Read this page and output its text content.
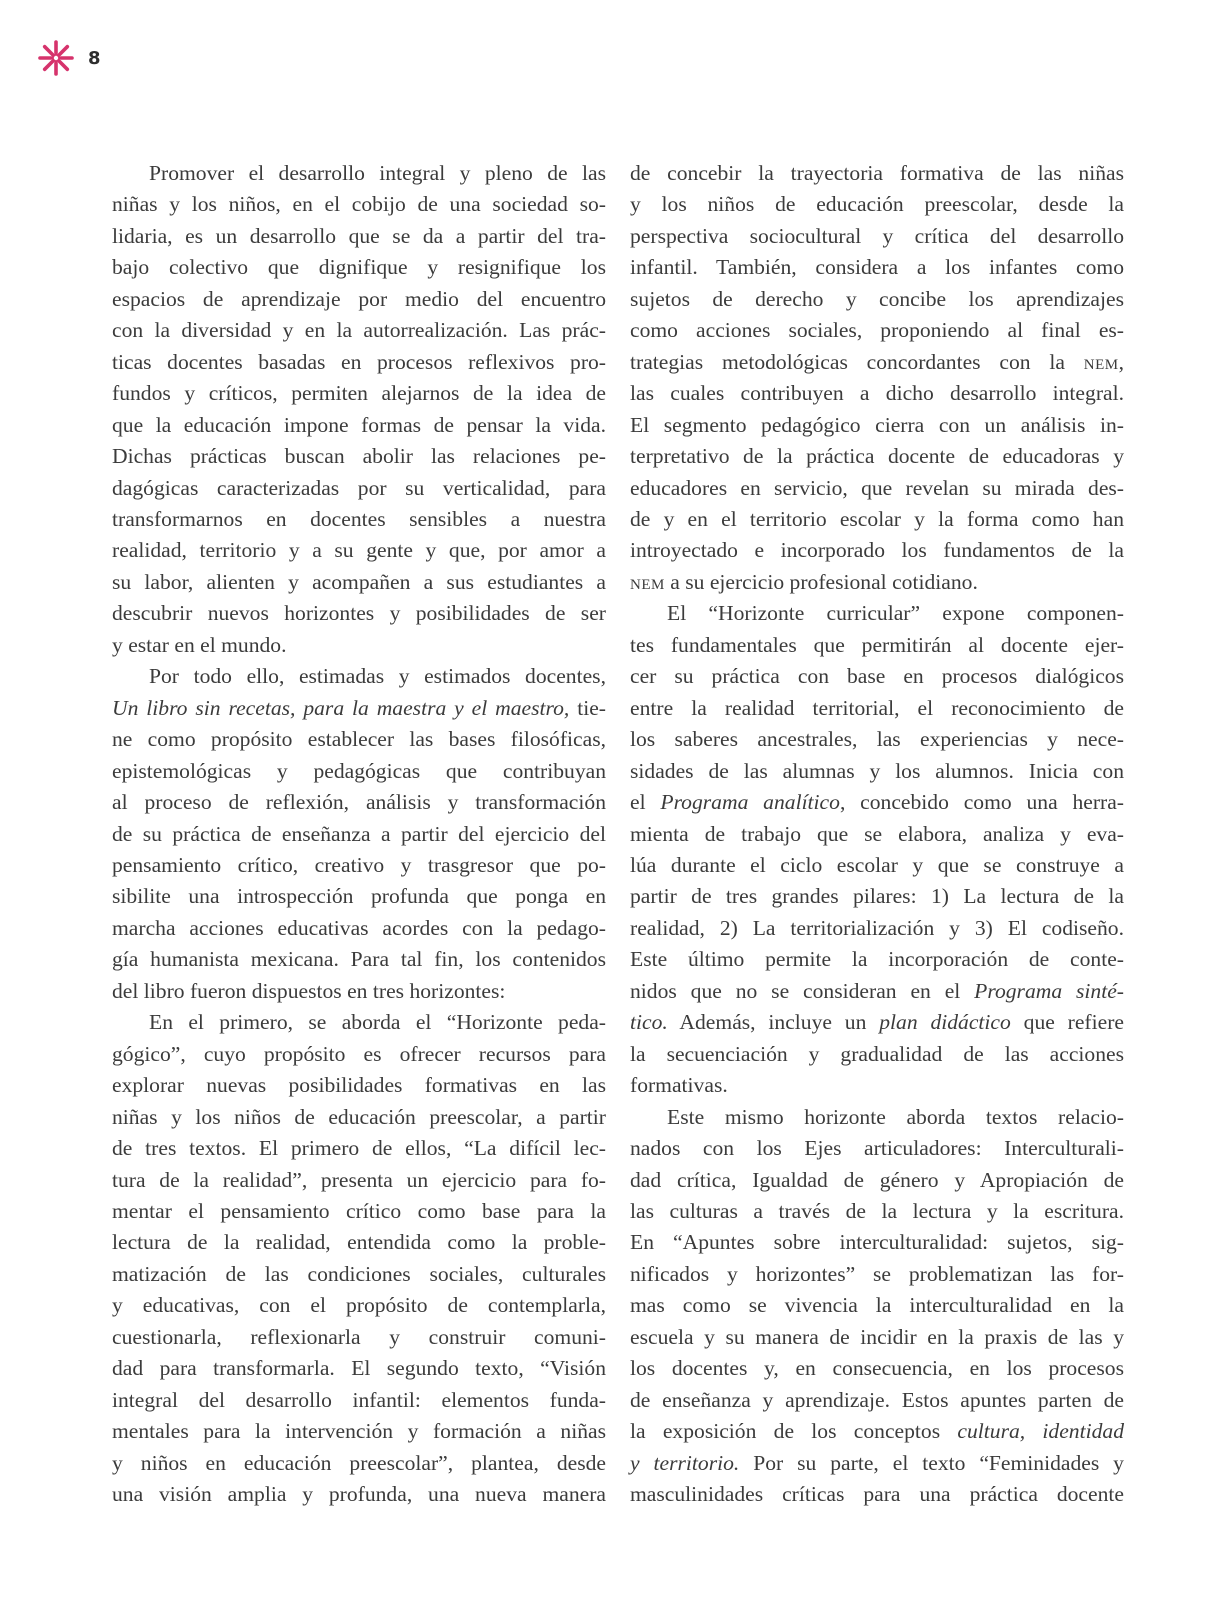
8
Promover el desarrollo integral y pleno de las
niñas y los niños, en el cobijo de una sociedad so-
lidaria, es un desarrollo que se da a partir del tra-
bajo colectivo que dignifique y resignifique los
espacios de aprendizaje por medio del encuentro
con la diversidad y en la autorrealización. Las prác-
ticas docentes basadas en procesos reflexivos pro-
fundos y críticos, permiten alejarnos de la idea de
que la educación impone formas de pensar la vida.
Dichas prácticas buscan abolir las relaciones pe-
dagógicas caracterizadas por su verticalidad, para
transformarnos en docentes sensibles a nuestra
realidad, territorio y a su gente y que, por amor a
su labor, alienten y acompañen a sus estudiantes a
descubrir nuevos horizontes y posibilidades de ser
y estar en el mundo.
Por todo ello, estimadas y estimados docentes,
Un libro sin recetas, para la maestra y el maestro, tie-
ne como propósito establecer las bases filosóficas,
epistemológicas y pedagógicas que contribuyan
al proceso de reflexión, análisis y transformación
de su práctica de enseñanza a partir del ejercicio del
pensamiento crítico, creativo y trasgresor que po-
sibilite una introspección profunda que ponga en
marcha acciones educativas acordes con la pedago-
gía humanista mexicana. Para tal fin, los contenidos
del libro fueron dispuestos en tres horizontes:
En el primero, se aborda el “Horizonte peda-
gógico”, cuyo propósito es ofrecer recursos para
explorar nuevas posibilidades formativas en las
niñas y los niños de educación preescolar, a partir
de tres textos. El primero de ellos, “La difícil lec-
tura de la realidad”, presenta un ejercicio para fo-
mentar el pensamiento crítico como base para la
lectura de la realidad, entendida como la proble-
matización de las condiciones sociales, culturales
y educativas, con el propósito de contemplarla,
cuestionarla, reflexionarla y construir comuni-
dad para transformarla. El segundo texto, “Visión
integral del desarrollo infantil: elementos funda-
mentales para la intervención y formación a niñas
y niños en educación preescolar”, plantea, desde
una visión amplia y profunda, una nueva manera
de concebir la trayectoria formativa de las niñas
y los niños de educación preescolar, desde la
perspectiva sociocultural y crítica del desarrollo
infantil. También, considera a los infantes como
sujetos de derecho y concibe los aprendizajes
como acciones sociales, proponiendo al final es-
trategias metodológicas concordantes con la nem,
las cuales contribuyen a dicho desarrollo integral.
El segmento pedagógico cierra con un análisis in-
terpretativo de la práctica docente de educadoras y
educadores en servicio, que revelan su mirada des-
de y en el territorio escolar y la forma como han
introyectado e incorporado los fundamentos de la
nem a su ejercicio profesional cotidiano.
El “Horizonte curricular” expone componen-
tes fundamentales que permitirán al docente ejer-
cer su práctica con base en procesos dialógicos
entre la realidad territorial, el reconocimiento de
los saberes ancestrales, las experiencias y nece-
sidades de las alumnas y los alumnos. Inicia con
el Programa analítico, concebido como una herra-
mienta de trabajo que se elabora, analiza y eva-
lúa durante el ciclo escolar y que se construye a
partir de tres grandes pilares: 1) La lectura de la
realidad, 2) La territorialización y 3) El codiseño.
Este último permite la incorporación de conte-
nidos que no se consideran en el Programa sinté-
tico. Además, incluye un plan didáctico que refiere
la secuenciación y gradualidad de las acciones
formativas.
Este mismo horizonte aborda textos relacio-
nados con los Ejes articuladores: Interculturali-
dad crítica, Igualdad de género y Apropiación de
las culturas a través de la lectura y la escritura.
En “Apuntes sobre interculturalidad: sujetos, sig-
nificados y horizontes” se problematizan las for-
mas como se vivencia la interculturalidad en la
escuela y su manera de incidir en la praxis de las y
los docentes y, en consecuencia, en los procesos
de enseñanza y aprendizaje. Estos apuntes parten de
la exposición de los conceptos cultura, identidad
y territorio. Por su parte, el texto “Feminidades y
masculinidades críticas para una práctica docente
